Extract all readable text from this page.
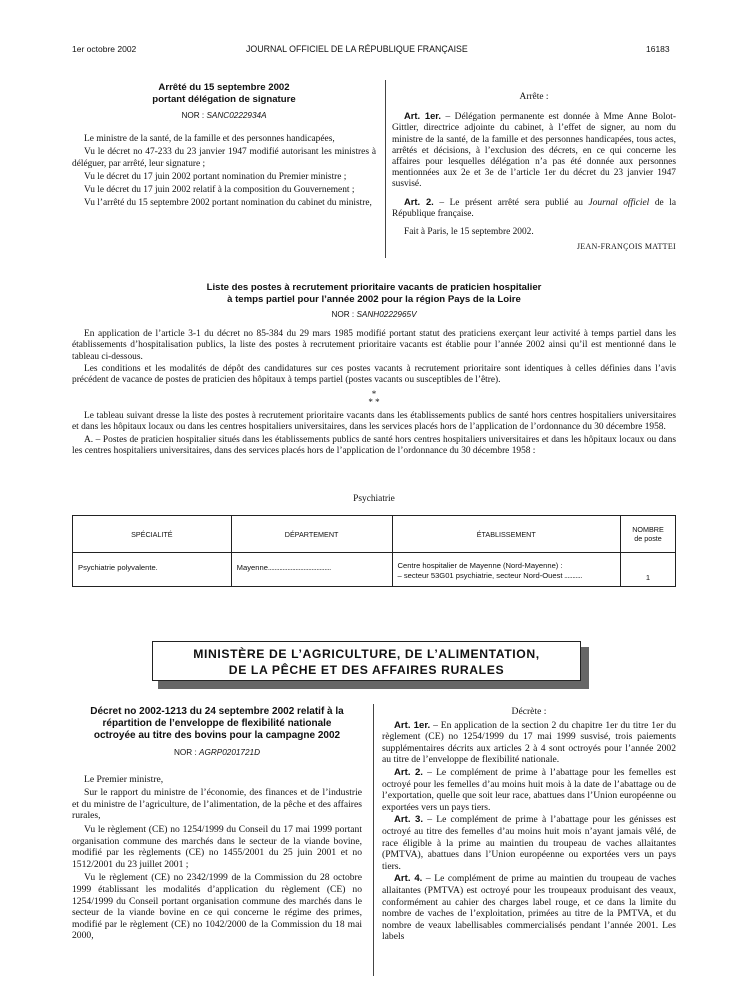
1er octobre 2002	JOURNAL OFFICIEL DE LA RÉPUBLIQUE FRANÇAISE	16183

Arrêté du 15 septembre 2002
portant délégation de signature

NOR : SANC0222934A

Le ministre de la santé, de la famille et des personnes handicapées,

Vu le décret no 47-233 du 23 janvier 1947 modifié autorisant les ministres à déléguer, par arrêté, leur signature ;

Vu le décret du 17 juin 2002 portant nomination du Premier ministre ;

Vu le décret du 17 juin 2002 relatif à la composition du Gouvernement ;

Vu l’arrêté du 15 septembre 2002 portant nomination du cabinet du ministre,

Arrête :

Art. 1er. – Délégation permanente est donnée à Mme Anne Bolot-Gittler, directrice adjointe du cabinet, à l’effet de signer, au nom du ministre de la santé, de la famille et des personnes handicapées, tous actes, arrêtés et décisions, à l’exclusion des décrets, en ce qui concerne les affaires pour lesquelles délégation n’a pas été donnée aux personnes mentionnées aux 2e et 3e de l’article 1er du décret du 23 janvier 1947 susvisé.

Art. 2. – Le présent arrêté sera publié au Journal officiel de la République française.

Fait à Paris, le 15 septembre 2002.

JEAN-FRANÇOIS MATTEI

Liste des postes à recrutement prioritaire vacants de praticien hospitalier
à temps partiel pour l’année 2002 pour la région Pays de la Loire

NOR : SANH0222965V

En application de l’article 3-1 du décret no 85-384 du 29 mars 1985 modifié portant statut des praticiens exerçant leur activité à temps partiel dans les établissements d’hospitalisation publics, la liste des postes à recrutement prioritaire vacants est établie pour l’année 2002 ainsi qu’il est mentionné dans le tableau ci-dessous.

Les conditions et les modalités de dépôt des candidatures sur ces postes vacants à recrutement prioritaire sont identiques à celles définies dans l’avis précédent de vacance de postes de praticien des hôpitaux à temps partiel (postes vacants ou susceptibles de l’être).

*
* *

Le tableau suivant dresse la liste des postes à recrutement prioritaire vacants dans les établissements publics de santé hors centres hospitaliers universitaires et dans les hôpitaux locaux ou dans les centres hospitaliers universitaires, dans les services placés hors de l’application de l’ordonnance du 30 décembre 1958.

A. – Postes de praticien hospitalier situés dans les établissements publics de santé hors centres hospitaliers universitaires et dans les hôpitaux locaux ou dans les centres hospitaliers universitaires, dans des services placés hors de l’application de l’ordonnance du 30 décembre 1958 :

Psychiatrie
SPÉCIALITÉ	DÉPARTEMENT	ÉTABLISSEMENT	NOMBRE
de poste
Psychiatrie polyvalente.	Mayenne.......................................	Centre hospitalier de Mayenne (Nord-Mayenne) :
– secteur 53G01 psychiatrie, secteur Nord-Ouest ...........	1
MINISTÈRE DE L’AGRICULTURE, DE L’ALIMENTATION,
DE LA PÊCHE ET DES AFFAIRES RURALES

Décret no 2002-1213 du 24 septembre 2002 relatif à la
répartition de l’enveloppe de flexibilité nationale
octroyée au titre des bovins pour la campagne 2002

NOR : AGRP0201721D

Le Premier ministre,

Sur le rapport du ministre de l’économie, des finances et de l’industrie et du ministre de l’agriculture, de l’alimentation, de la pêche et des affaires rurales,

Vu le règlement (CE) no 1254/1999 du Conseil du 17 mai 1999 portant organisation commune des marchés dans le secteur de la viande bovine, modifié par les règlements (CE) no 1455/2001 du 25 juin 2001 et no 1512/2001 du 23 juillet 2001 ;

Vu le règlement (CE) no 2342/1999 de la Commission du 28 octobre 1999 établissant les modalités d’application du règlement (CE) no 1254/1999 du Conseil portant organisation commune des marchés dans le secteur de la viande bovine en ce qui concerne le régime des primes, modifié par le règlement (CE) no 1042/2000 de la Commission du 18 mai 2000,

Décrète :

Art. 1er. – En application de la section 2 du chapitre 1er du titre 1er du règlement (CE) no 1254/1999 du 17 mai 1999 susvisé, trois paiements supplémentaires décrits aux articles 2 à 4 sont octroyés pour l’année 2002 au titre de l’enveloppe de flexibilité nationale.

Art. 2. – Le complément de prime à l’abattage pour les femelles est octroyé pour les femelles d’au moins huit mois à la date de l’abattage ou de l’exportation, quelle que soit leur race, abattues dans l’Union européenne ou exportées vers un pays tiers.

Art. 3. – Le complément de prime à l’abattage pour les génisses est octroyé au titre des femelles d’au moins huit mois n’ayant jamais vêlé, de race éligible à la prime au maintien du troupeau de vaches allaitantes (PMTVA), abattues dans l’Union européenne ou exportées vers un pays tiers.

Art. 4. – Le complément de prime au maintien du troupeau de vaches allaitantes (PMTVA) est octroyé pour les troupeaux produisant des veaux, conformément au cahier des charges label rouge, et ce dans la limite du nombre de vaches de l’exploitation, primées au titre de la PMTVA, et du nombre de veaux labellisables commercialisés pendant l’année 2001. Les labels
